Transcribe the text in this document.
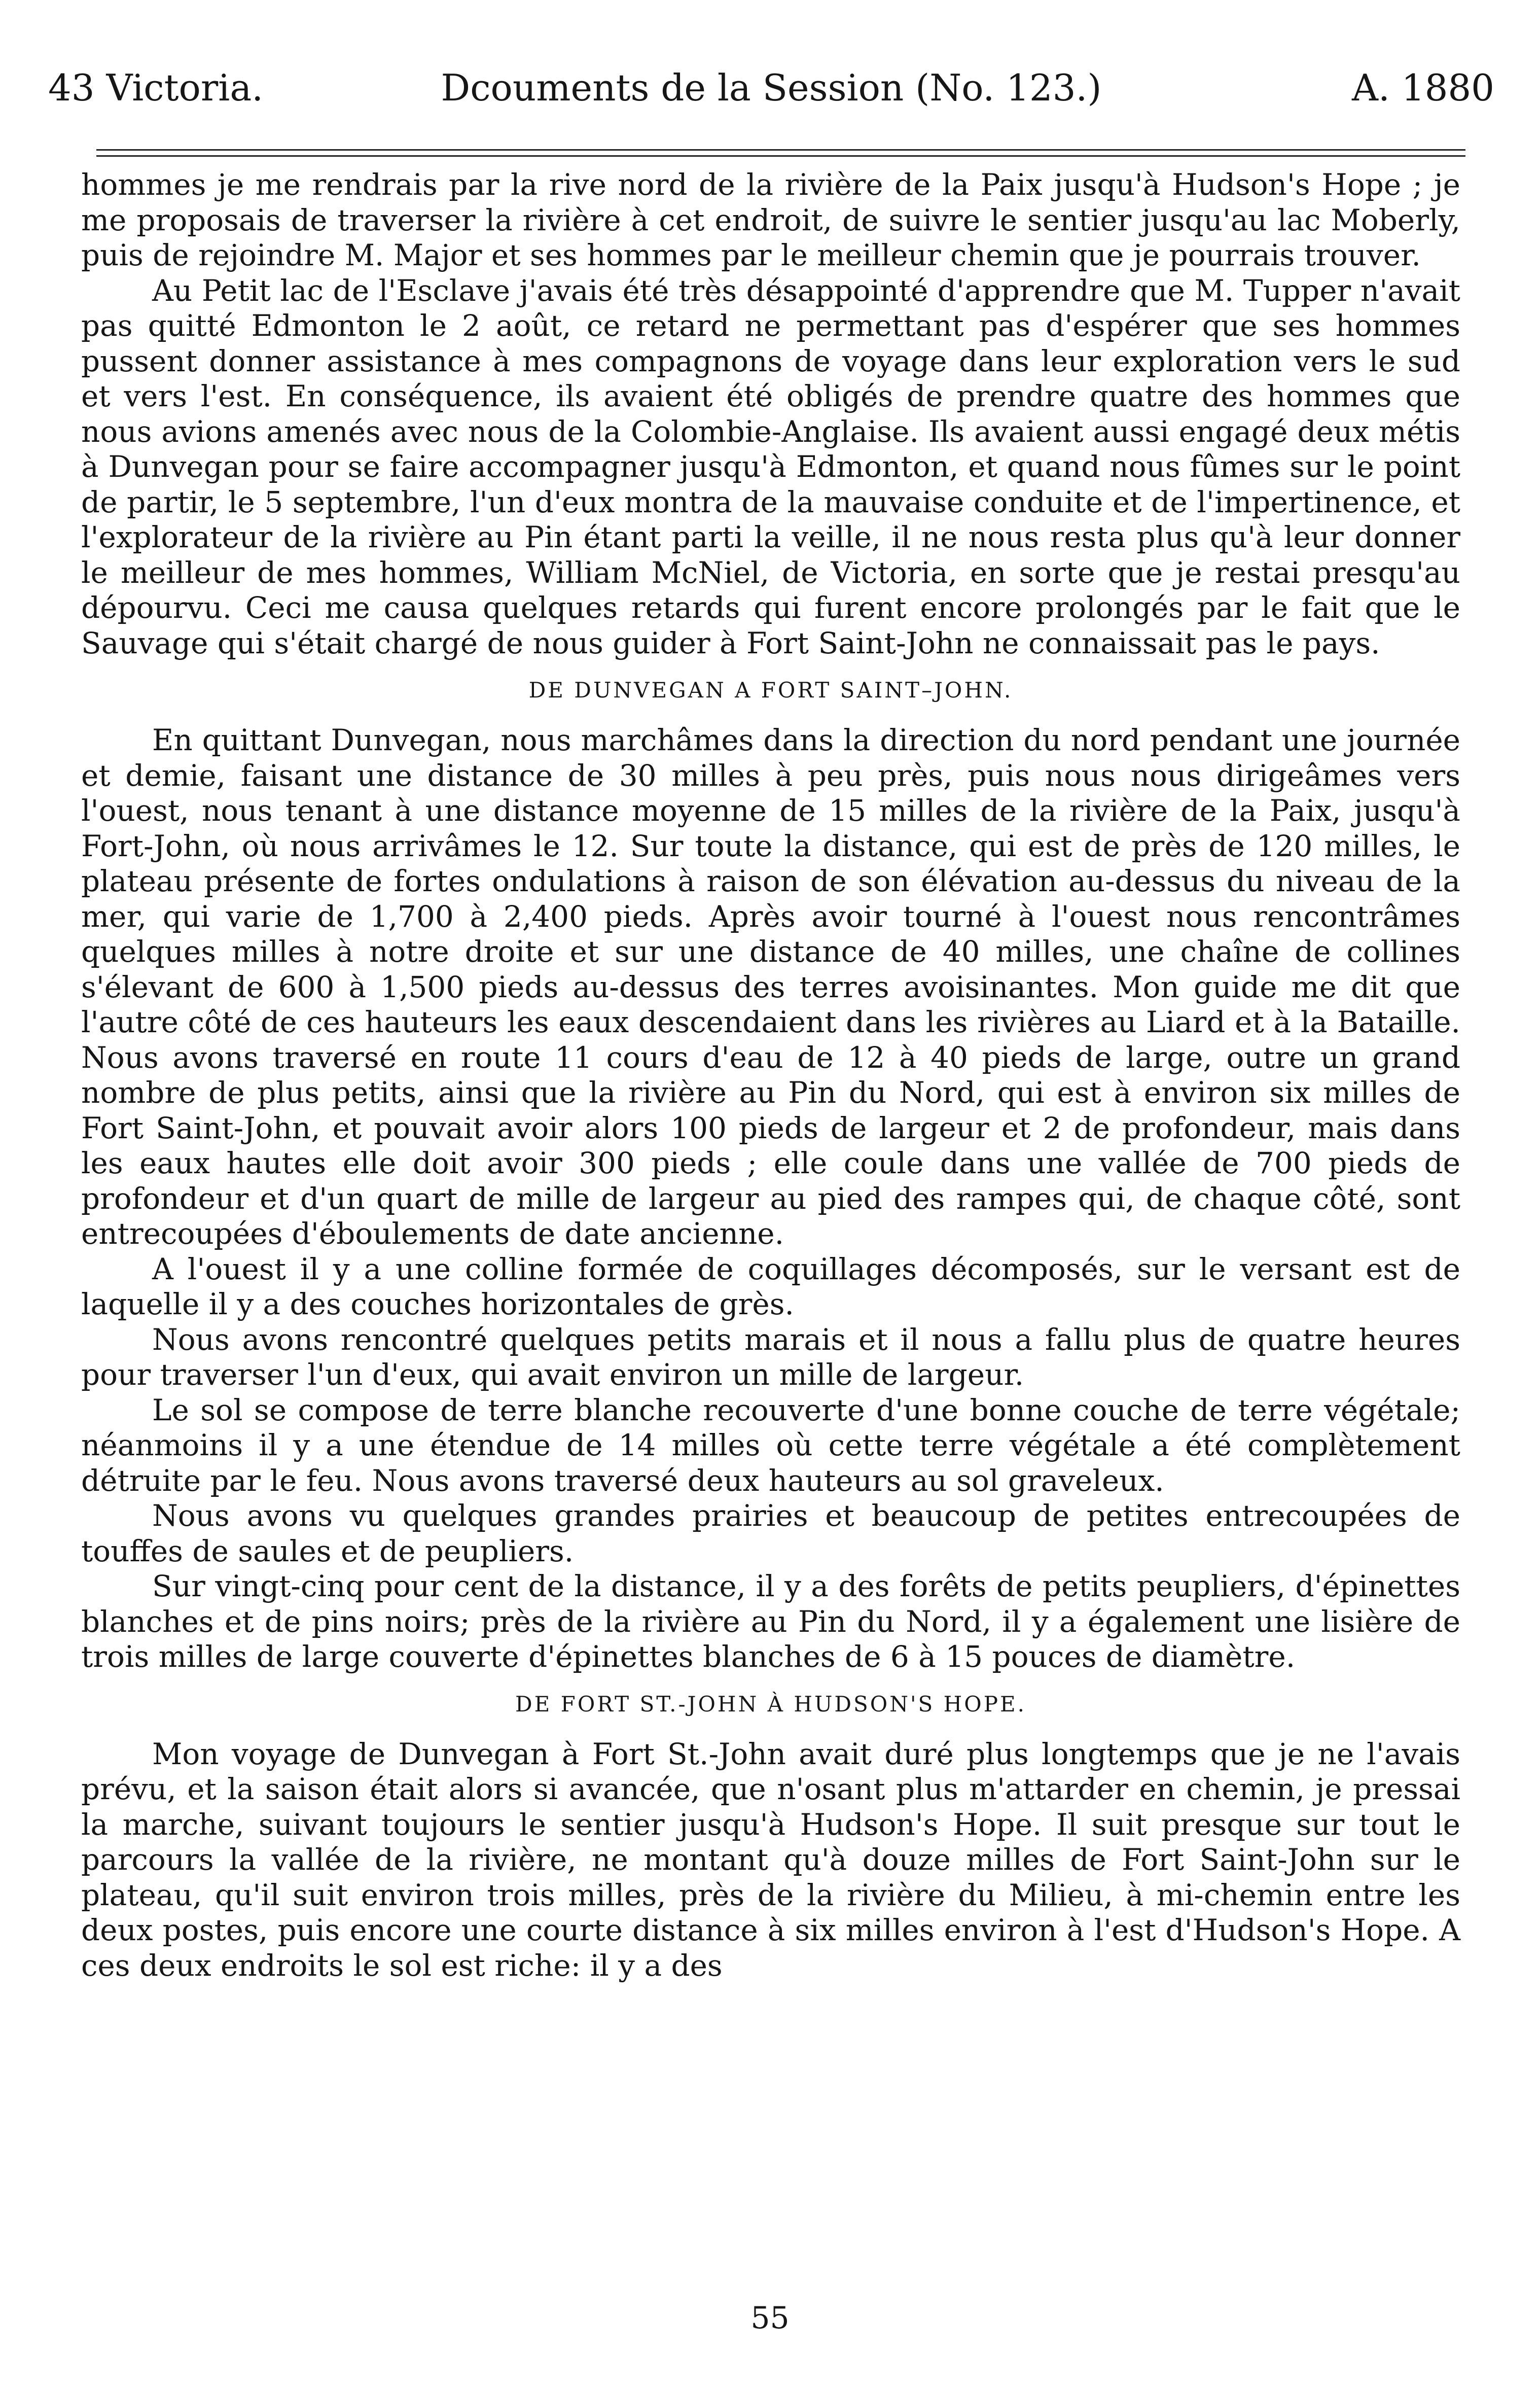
43 Victoria.	Dcouments de la Session (No. 123.)	A. 1880

hommes je me rendrais par la rive nord de la rivière de la Paix jusqu'à Hudson's Hope ; je me proposais de traverser la rivière à cet endroit, de suivre le sentier jusqu'au lac Moberly, puis de rejoindre M. Major et ses hommes par le meilleur chemin que je pourrais trouver.

Au Petit lac de l'Esclave j'avais été très désappointé d'apprendre que M. Tupper n'avait pas quitté Edmonton le 2 août, ce retard ne permettant pas d'espérer que ses hommes pussent donner assistance à mes compagnons de voyage dans leur exploration vers le sud et vers l'est. En conséquence, ils avaient été obligés de prendre quatre des hommes que nous avions amenés avec nous de la Colombie-Anglaise. Ils avaient aussi engagé deux métis à Dunvegan pour se faire accompagner jusqu'à Edmonton, et quand nous fûmes sur le point de partir, le 5 septembre, l'un d'eux montra de la mauvaise conduite et de l'impertinence, et l'explorateur de la rivière au Pin étant parti la veille, il ne nous resta plus qu'à leur donner le meilleur de mes hommes, William McNiel, de Victoria, en sorte que je restai presqu'au dépourvu. Ceci me causa quelques retards qui furent encore prolongés par le fait que le Sauvage qui s'était chargé de nous guider à Fort Saint-John ne connaissait pas le pays.

DE DUNVEGAN A FORT SAINT–JOHN.

En quittant Dunvegan, nous marchâmes dans la direction du nord pendant une journée et demie, faisant une distance de 30 milles à peu près, puis nous nous dirigeâmes vers l'ouest, nous tenant à une distance moyenne de 15 milles de la rivière de la Paix, jusqu'à Fort-John, où nous arrivâmes le 12. Sur toute la distance, qui est de près de 120 milles, le plateau présente de fortes ondulations à raison de son élévation au-dessus du niveau de la mer, qui varie de 1,700 à 2,400 pieds. Après avoir tourné à l'ouest nous rencontrâmes quelques milles à notre droite et sur une distance de 40 milles, une chaîne de collines s'élevant de 600 à 1,500 pieds au-dessus des terres avoisinantes. Mon guide me dit que l'autre côté de ces hauteurs les eaux descendaient dans les rivières au Liard et à la Bataille. Nous avons traversé en route 11 cours d'eau de 12 à 40 pieds de large, outre un grand nombre de plus petits, ainsi que la rivière au Pin du Nord, qui est à environ six milles de Fort Saint-John, et pouvait avoir alors 100 pieds de largeur et 2 de profondeur, mais dans les eaux hautes elle doit avoir 300 pieds ; elle coule dans une vallée de 700 pieds de profondeur et d'un quart de mille de largeur au pied des rampes qui, de chaque côté, sont entrecoupées d'éboulements de date ancienne.

A l'ouest il y a une colline formée de coquillages décomposés, sur le versant est de laquelle il y a des couches horizontales de grès.

Nous avons rencontré quelques petits marais et il nous a fallu plus de quatre heures pour traverser l'un d'eux, qui avait environ un mille de largeur.

Le sol se compose de terre blanche recouverte d'une bonne couche de terre végétale; néanmoins il y a une étendue de 14 milles où cette terre végétale a été complètement détruite par le feu. Nous avons traversé deux hauteurs au sol graveleux.

Nous avons vu quelques grandes prairies et beaucoup de petites entrecoupées de touffes de saules et de peupliers.

Sur vingt-cinq pour cent de la distance, il y a des forêts de petits peupliers, d'épinettes blanches et de pins noirs; près de la rivière au Pin du Nord, il y a également une lisière de trois milles de large couverte d'épinettes blanches de 6 à 15 pouces de diamètre.

DE FORT ST.-JOHN À HUDSON'S HOPE.

Mon voyage de Dunvegan à Fort St.-John avait duré plus longtemps que je ne l'avais prévu, et la saison était alors si avancée, que n'osant plus m'attarder en chemin, je pressai la marche, suivant toujours le sentier jusqu'à Hudson's Hope. Il suit presque sur tout le parcours la vallée de la rivière, ne montant qu'à douze milles de Fort Saint-John sur le plateau, qu'il suit environ trois milles, près de la rivière du Milieu, à mi-chemin entre les deux postes, puis encore une courte distance à six milles environ à l'est d'Hudson's Hope. A ces deux endroits le sol est riche: il y a des

55
